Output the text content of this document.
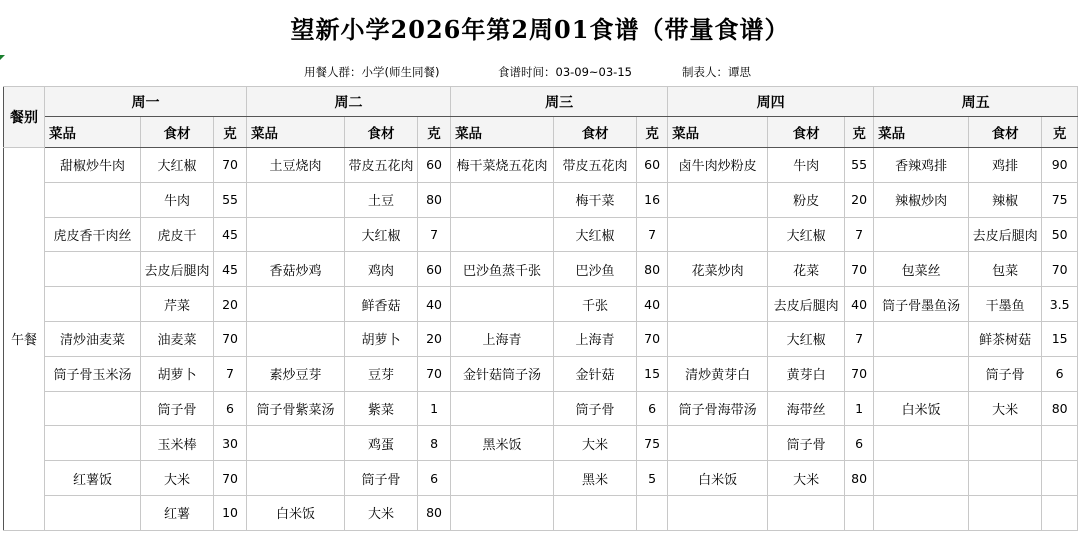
望新小学2026年第2周01食谱（带量食谱）
用餐人群：小学(师生同餐)	食谱时间：03-09~03-15	制表人：谭思
餐别	周一			周二			周三			周四			周五		
	菜品	食材	克	菜品	食材	克	菜品	食材	克	菜品	食材	克	菜品	食材	克
午餐	甜椒炒牛肉	大红椒	70	土豆烧肉	带皮五花肉	60	梅干菜烧五花肉	带皮五花肉	60	卤牛肉炒粉皮	牛肉	55	香辣鸡排	鸡排	90
		牛肉	55		土豆	80		梅干菜	16		粉皮	20	辣椒炒肉	辣椒	75
	虎皮香干肉丝	虎皮干	45		大红椒	7		大红椒	7		大红椒	7		去皮后腿肉	50
		去皮后腿肉	45	香菇炒鸡	鸡肉	60	巴沙鱼蒸千张	巴沙鱼	80	花菜炒肉	花菜	70	包菜丝	包菜	70
		芹菜	20		鲜香菇	40		千张	40		去皮后腿肉	40	筒子骨墨鱼汤	干墨鱼	3.5
	清炒油麦菜	油麦菜	70		胡萝卜	20	上海青	上海青	70		大红椒	7		鲜茶树菇	15
	筒子骨玉米汤	胡萝卜	7	素炒豆芽	豆芽	70	金针菇筒子汤	金针菇	15	清炒黄芽白	黄芽白	70		筒子骨	6
		筒子骨	6	筒子骨紫菜汤	紫菜	1		筒子骨	6	筒子骨海带汤	海带丝	1	白米饭	大米	80
		玉米棒	30		鸡蛋	8	黑米饭	大米	75		筒子骨	6			
	红薯饭	大米	70		筒子骨	6		黑米	5	白米饭	大米	80			
		红薯	10	白米饭	大米	80									
